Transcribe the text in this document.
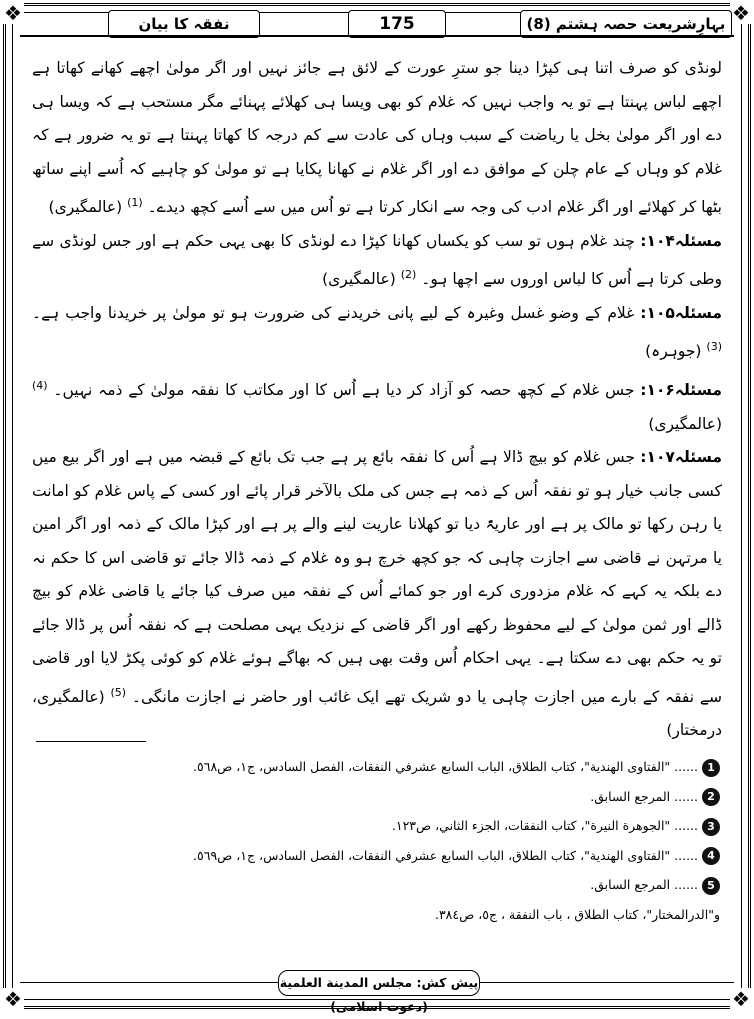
❖	❖
❖	❖
نفقہ کا بیان	175	بہارِشریعت حصہ ہشتم (8)

لونڈی کو صرف اتنا ہی کپڑا دینا جو سترِ عورت کے لائق ہے جائز نہیں اور اگر مولیٰ اچھے کھانے کھاتا ہے اچھے لباس پہنتا ہے تو یہ واجب نہیں کہ غلام کو بھی ویسا ہی کھلائے پہنائے مگر مستحب ہے کہ ویسا ہی دے اور اگر مولیٰ بخل یا ریاضت کے سبب وہاں کی عادت سے کم درجہ کا کھاتا پہنتا ہے تو یہ ضرور ہے کہ غلام کو وہاں کے عام چلن کے موافق دے اور اگر غلام نے کھانا پکایا ہے تو مولیٰ کو چاہیے کہ اُسے اپنے ساتھ بٹھا کر کھلائے اور اگر غلام ادب کی وجہ سے انکار کرتا ہے تو اُس میں سے اُسے کچھ دیدے۔ $^{(1)}$ (عالمگیری)

مسئلہ۱۰۴: چند غلام ہوں تو سب کو یکساں کھانا کپڑا دے لونڈی کا بھی یہی حکم ہے اور جس لونڈی سے وطی کرتا ہے اُس کا لباس اوروں سے اچھا ہو۔ $^{(2)}$ (عالمگیری)

مسئلہ۱۰۵: غلام کے وضو غسل وغیرہ کے لیے پانی خریدنے کی ضرورت ہو تو مولیٰ پر خریدنا واجب ہے۔ $^{(3)}$ (جوہرہ)

مسئلہ۱۰۶: جس غلام کے کچھ حصہ کو آزاد کر دیا ہے اُس کا اور مکاتب کا نفقہ مولیٰ کے ذمہ نہیں۔ $^{(4)}$ (عالمگیری)

مسئلہ۱۰۷: جس غلام کو بیچ ڈالا ہے اُس کا نفقہ بائع پر ہے جب تک بائع کے قبضہ میں ہے اور اگر بیع میں کسی جانب خیار ہو تو نفقہ اُس کے ذمہ ہے جس کی ملک بالآخر قرار پائے اور کسی کے پاس غلام کو امانت یا رہن رکھا تو مالک پر ہے اور عاریۃً دیا تو کھلانا عاریت لینے والے پر ہے اور کپڑا مالک کے ذمہ اور اگر امین یا مرتہن نے قاضی سے اجازت چاہی کہ جو کچھ خرچ ہو وہ غلام کے ذمہ ڈالا جائے تو قاضی اس کا حکم نہ دے بلکہ یہ کہے کہ غلام مزدوری کرے اور جو کمائے اُس کے نفقہ میں صرف کیا جائے یا قاضی غلام کو بیچ ڈالے اور ثمن مولیٰ کے لیے محفوظ رکھے اور اگر قاضی کے نزدیک یہی مصلحت ہے کہ نفقہ اُس پر ڈالا جائے تو یہ حکم بھی دے سکتا ہے۔ یہی احکام اُس وقت بھی ہیں کہ بھاگے ہوئے غلام کو کوئی پکڑ لایا اور قاضی سے نفقہ کے بارے میں اجازت چاہی یا دو شریک تھے ایک غائب اور حاضر نے اجازت مانگی۔ $^{(5)}$ (عالمگیری، درمختار)

1...... "الفتاوی الهندية"، كتاب الطلاق، الباب السابع عشرفي النفقات، الفصل السادس، ج١، ص٥٦٨.
2...... المرجع السابق.
3...... "الجوهرة النيرة"، كتاب النفقات، الجزء الثاني، ص١٢٣.
4...... "الفتاوى الهندية"، كتاب الطلاق، الباب السابع عشرفي النفقات، الفصل السادس، ج١، ص٥٦٩.
5...... المرجع السابق.
و"الدرالمختار"، كتاب الطلاق ، باب النفقة ، ج٥، ص٣٨٤.
پیش کش: مجلس المدينة العلمية (دعوت اسلامی)
